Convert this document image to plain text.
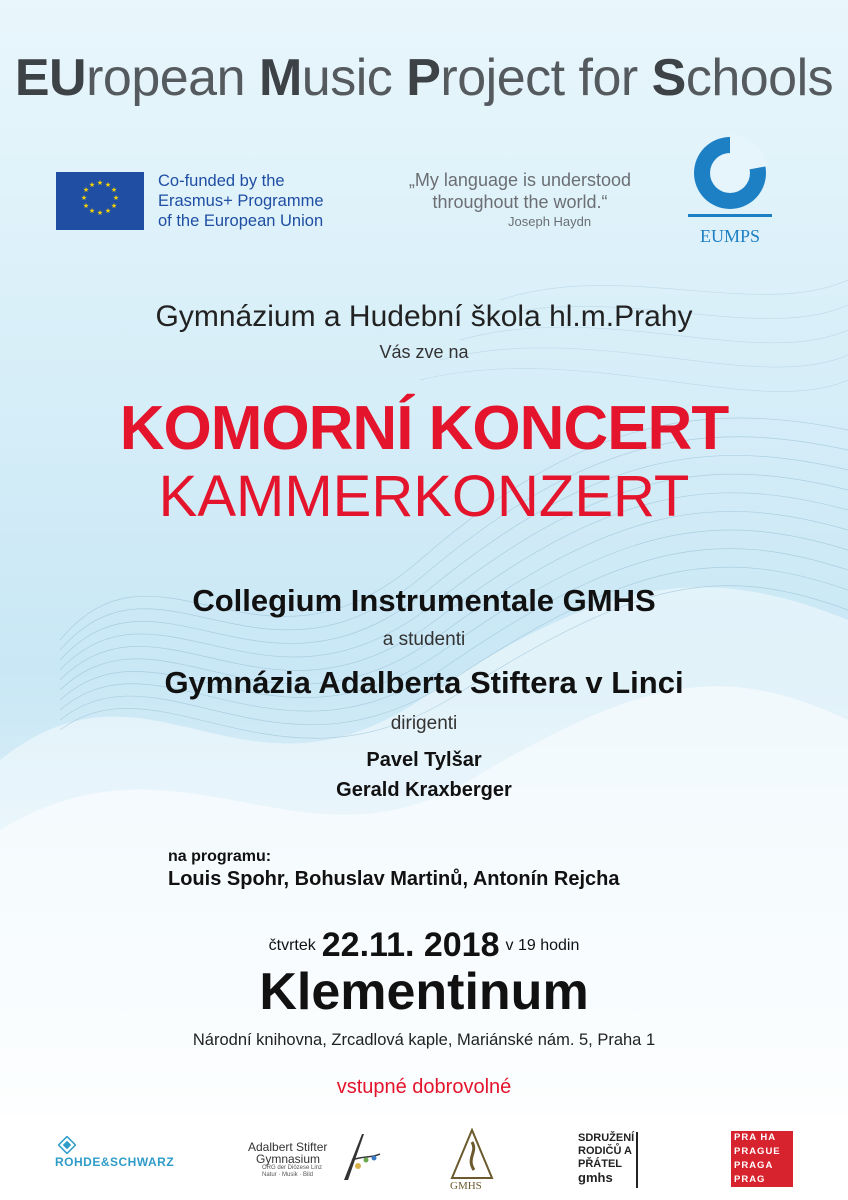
EUropean Music Project for Schools
★ ★
★
★
★
★
★
★
★
★
★
★	Co-funded by the
Erasmus+ Programme
of the European Union
„My language is understood
throughout the world.“
Joseph Haydn
EUMPS
Gymnázium a Hudební škola hl.m.Prahy
Vás zve na
KOMORNÍ KONCERT
KAMMERKONZERT
Collegium Instrumentale GMHS
a studenti
Gymnázia Adalberta Stiftera v Linci
dirigenti
Pavel Tylšar
Gerald Kraxberger
na programu:
Louis Spohr, Bohuslav Martinů, Antonín Rejcha
čtvrtek 22.11. 2018 v 19 hodin
Klementinum
Národní knihovna, Zrcadlová kaple, Mariánské nám. 5, Praha 1
vstupné dobrovolné
ROHDE&SCHWARZ
Adalbert Stifter
Gymnasium
ORG der Diözese Linz
Natur · Musik · Bild
GMHS
SDRUŽENÍ
RODIČŮ A
PŘÁTEL
gmhs
PRA HA
PRAGUE
PRAGA
PRAG
